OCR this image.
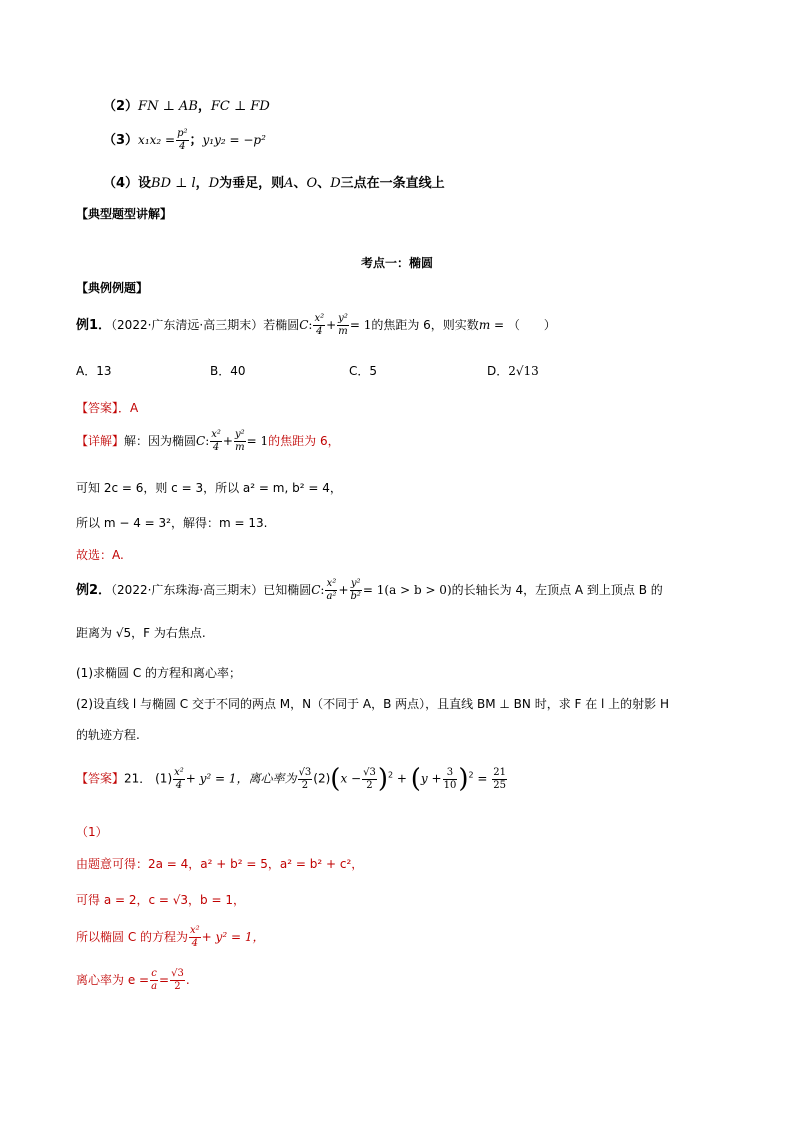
（2）FN ⊥ AB，FC ⊥ FD
$(3)x_1x_2 = \frac{\text{p²}}{4}$ ；y₁y₂ = −p²
（4）设BD ⊥ l，D为垂足，则A、O、D三点在一条直线上
【典型题型讲解】
考点一：椭圆
【典例例题】
例1．（2022·广东清远·高三期末）若椭圆C: $\frac{\text{x²}}{4} + \frac{\text{y²}}{m} = 1$的焦距为 6，则实数m = （　　）
A．13	B．40	C．5	D．2√13
【答案】．A
【详解】解：因为椭圆C: $\frac{\text{x²}}{4} + \frac{\text{y²}}{m} = 1$的焦距为 6，
可知 2c = 6，则 c = 3，所以 a² = m, b² = 4，
所以 m − 4 = 3²，解得：m = 13.
故选：A.
例2．（2022·广东珠海·高三期末）已知椭圆C: $\frac{\text{x²}}{\text{a²}} + \frac{\text{y²}}{\text{b²}} = 1(a > b > 0)$的长轴长为 4，左顶点 A 到上顶点 B 的
距离为 √5，F 为右焦点.
(1)求椭圆 C 的方程和离心率；
(2)设直线 l 与椭圆 C 交于不同的两点 M，N（不同于 A，B 两点），且直线 BM ⊥ BN 时，求 F 在 l 上的射影 H
的轨迹方程.
【答案】21． $(1) \frac{\text{x²}}{4} + y^2 = 1$，离心率为 $\frac{√3}{2} (2)(x - \frac{√3}{2} )^2 + (y + \frac{3}{10} )^2 = \frac{21}{25}$
（1）
由题意可得：2a = 4，a² + b² = 5，a² = b² + c²，
可得 a = 2，c = √3，b = 1，
所以椭圆 C 的方程为 $\frac{\text{x²}}{4} + y^2 = 1$，
离心率为 $e = \frac{c}{a} = \frac{√3}{2}$ .
